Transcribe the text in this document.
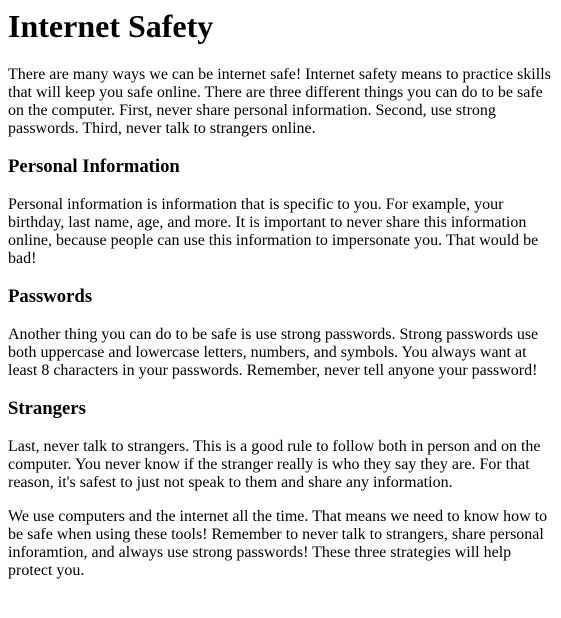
Internet Safety

There are many ways we can be internet safe! Internet safety means to practice skills that will keep you safe online. There are three different things you can do to be safe on the computer. First, never share personal information. Second, use strong passwords. Third, never talk to strangers online.

Personal Information

Personal information is information that is specific to you. For example, your birthday, last name, age, and more. It is important to never share this information online, because people can use this information to impersonate you. That would be bad!

Passwords

Another thing you can do to be safe is use strong passwords. Strong passwords use both uppercase and lowercase letters, numbers, and symbols. You always want at least 8 characters in your passwords. Remember, never tell anyone your password!

Strangers

Last, never talk to strangers. This is a good rule to follow both in person and on the computer. You never know if the stranger really is who they say they are. For that reason, it's safest to just not speak to them and share any information.

We use computers and the internet all the time. That means we need to know how to be safe when using these tools! Remember to never talk to strangers, share personal inforamtion, and always use strong passwords! These three strategies will help protect you.
